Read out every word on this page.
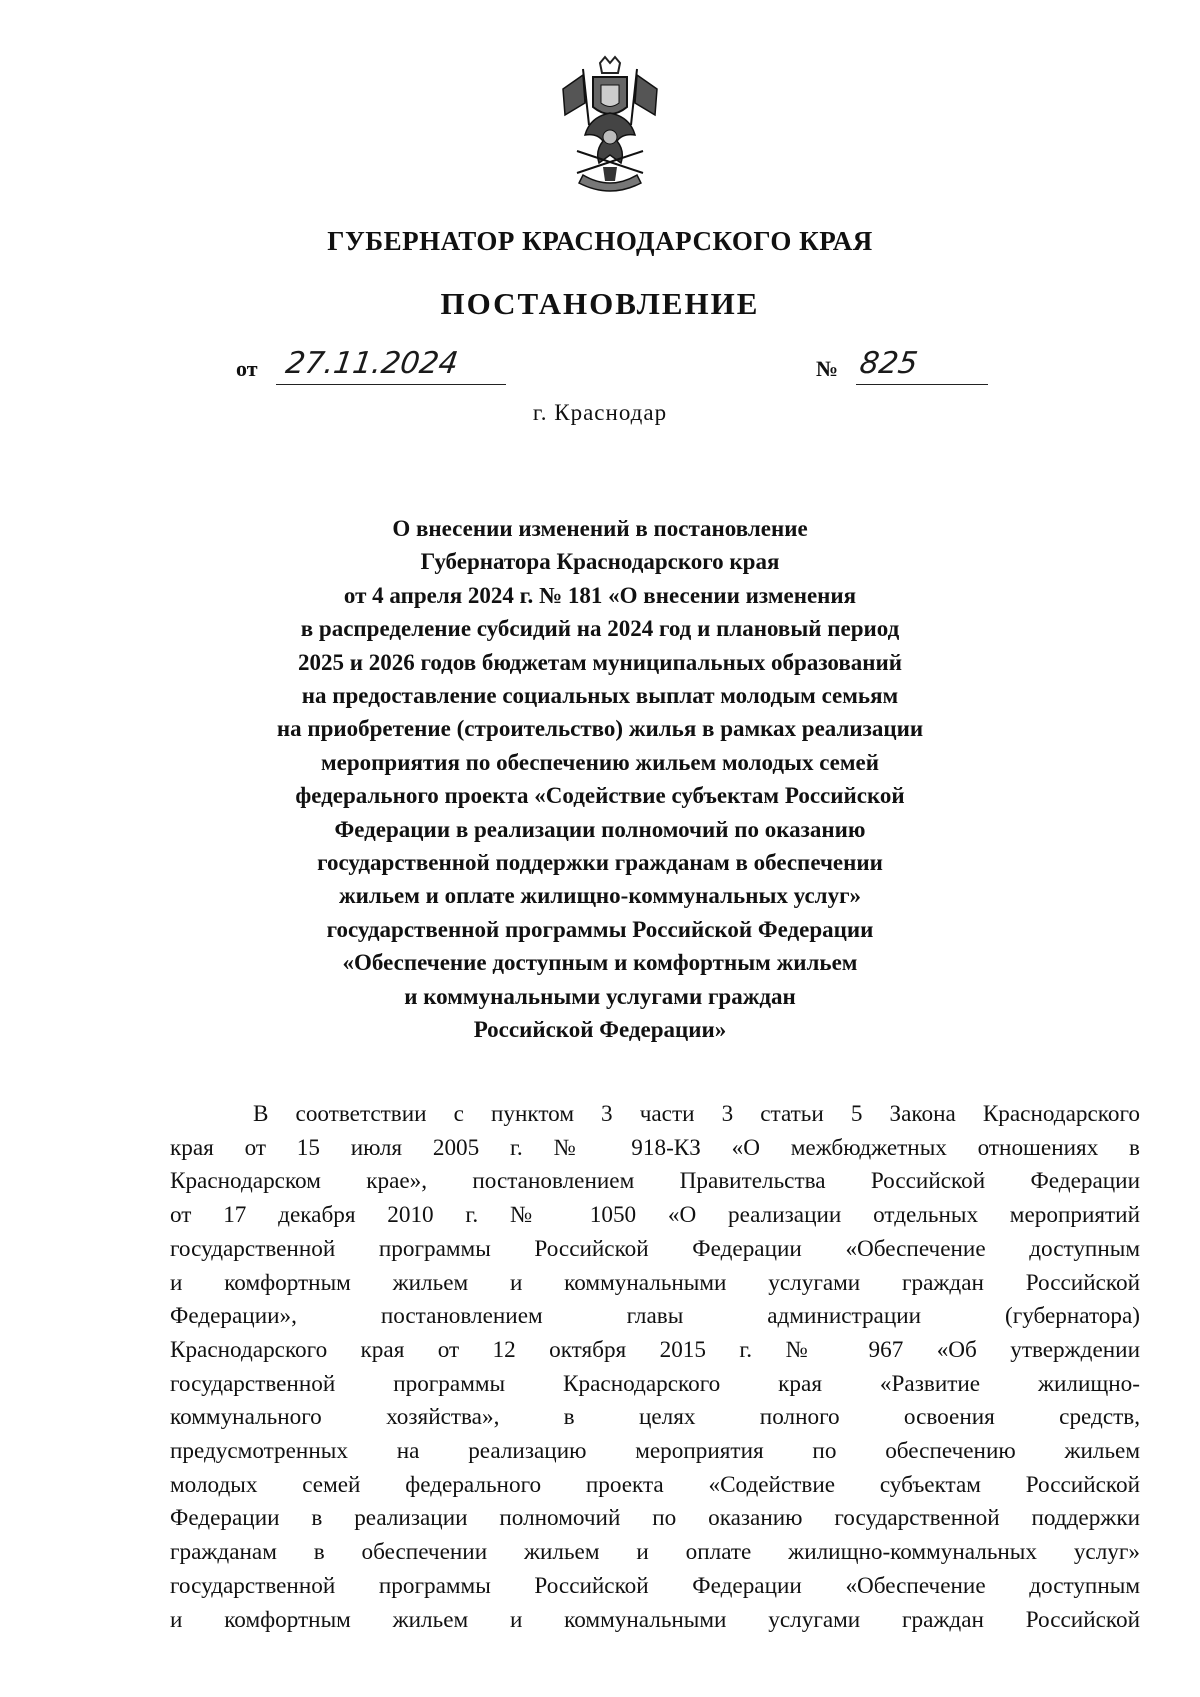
ГУБЕРНАТОР КРАСНОДАРСКОГО КРАЯ
ПОСТАНОВЛЕНИЕ
от 27.11.2024	№ 825
г. Краснодар
О внесении изменений в постановление
Губернатора Краснодарского края
от 4 апреля 2024 г. № 181 «О внесении изменения
в распределение субсидий на 2024 год и плановый период
2025 и 2026 годов бюджетам муниципальных образований
на предоставление социальных выплат молодым семьям
на приобретение (строительство) жилья в рамках реализации
мероприятия по обеспечению жильем молодых семей
федерального проекта «Содействие субъектам Российской
Федерации в реализации полномочий по оказанию
государственной поддержки гражданам в обеспечении
жильем и оплате жилищно-коммунальных услуг»
государственной программы Российской Федерации
«Обеспечение доступным и комфортным жильем
и коммунальными услугами граждан
Российской Федерации»
В соответствии с пунктом 3 части 3 статьи 5 Закона Краснодарского
края от 15 июля 2005 г. № 918-КЗ «О межбюджетных отношениях в
Краснодарском крае», постановлением Правительства Российской Федерации
от 17 декабря 2010 г. № 1050 «О реализации отдельных мероприятий
государственной программы Российской Федерации «Обеспечение доступным
и комфортным жильем и коммунальными услугами граждан Российской
Федерации», постановлением главы администрации (губернатора)
Краснодарского края от 12 октября 2015 г. № 967 «Об утверждении
государственной программы Краснодарского края «Развитие жилищно-
коммунального хозяйства», в целях полного освоения средств,
предусмотренных на реализацию мероприятия по обеспечению жильем
молодых семей федерального проекта «Содействие субъектам Российской
Федерации в реализации полномочий по оказанию государственной поддержки
гражданам в обеспечении жильем и оплате жилищно-коммунальных услуг»
государственной программы Российской Федерации «Обеспечение доступным
и комфортным жильем и коммунальными услугами граждан Российской
